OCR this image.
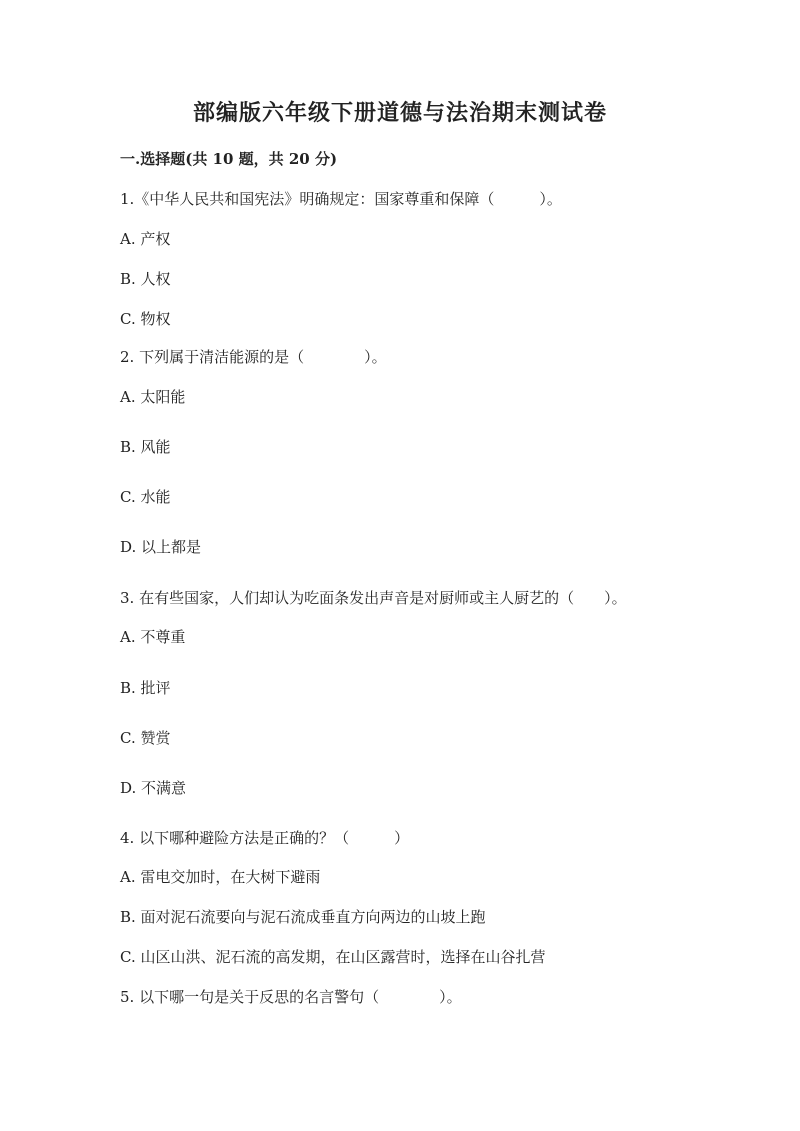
部编版六年级下册道德与法治期末测试卷
一.选择题(共 10 题，共 20 分)
1.《中华人民共和国宪法》明确规定：国家尊重和保障（　　　）。
A. 产权
B. 人权
C. 物权
2. 下列属于清洁能源的是（　　　　）。
A. 太阳能
B. 风能
C. 水能
D. 以上都是
3. 在有些国家，人们却认为吃面条发出声音是对厨师或主人厨艺的（　　）。
A. 不尊重
B. 批评
C. 赞赏
D. 不满意
4. 以下哪种避险方法是正确的？（　　　）
A. 雷电交加时，在大树下避雨
B. 面对泥石流要向与泥石流成垂直方向两边的山坡上跑
C. 山区山洪、泥石流的高发期，在山区露营时，选择在山谷扎营
5. 以下哪一句是关于反思的名言警句（　　　　）。
